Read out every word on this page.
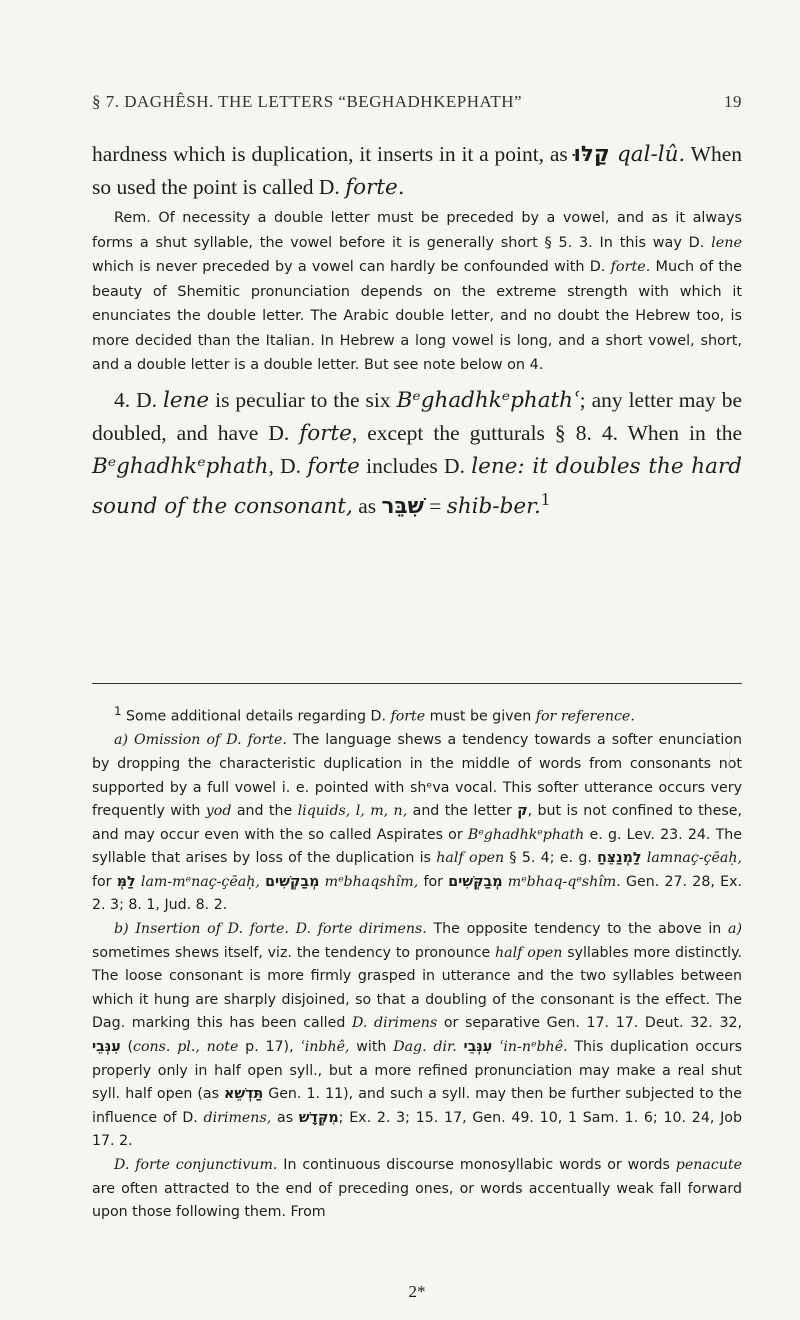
§ 7. DAGHÊSH. THE LETTERS “BEGHADHKEPHATH”	19

hardness which is duplication, it inserts in it a point, as קַלּוּ qal-lû. When so used the point is called D. forte.

Rem. Of necessity a double letter must be preceded by a vowel, and as it always forms a shut syllable, the vowel before it is generally short § 5. 3. In this way D. lene which is never preceded by a vowel can hardly be confounded with D. forte. Much of the beauty of Shemitic pronunciation depends on the extreme strength with which it enunciates the double letter. The Arabic double letter, and no doubt the Hebrew too, is more decided than the Italian. In Hebrew a long vowel is long, and a short vowel, short, and a double letter is a double letter. But see note below on 4.

4. D. lene is peculiar to the six Bᵉghadhkᵉphathՙ; any letter may be doubled, and have D. forte, except the gutturals § 8. 4. When in the Bᵉghadhkᵉphath, D. forte includes D. lene: it doubles the hard sound of the consonant, as שִׁבֵּר = shib-ber.$^1$

$^1$ Some additional details regarding D. forte must be given for reference.

a) Omission of D. forte. The language shews a tendency towards a softer enunciation by dropping the characteristic duplication in the middle of words from consonants not supported by a full vowel i. e. pointed with shᵉva vocal. This softer utterance occurs very frequently with yod and the liquids, l, m, n, and the letter ק, but is not confined to these, and may occur even with the so called Aspirates or Bᵉghadhkᵉphath e. g. Lev. 23. 24. The syllable that arises by loss of the duplication is half open § 5. 4; e. g. לַמְנַצֵּחַ lamnaç-çēaḥ, for לַמְּ lam-mᵉnaç-çēaḥ, מְבַקְשִׁים mᵉbhaqshîm, for מְבַקְּשִׁים mᵉbhaq-qᵉshîm. Gen. 27. 28, Ex. 2. 3; 8. 1, Jud. 8. 2.

b) Insertion of D. forte. D. forte dirimens. The opposite tendency to the above in a) sometimes shews itself, viz. the tendency to pronounce half open syllables more distinctly. The loose consonant is more firmly grasped in utterance and the two syllables between which it hung are sharply disjoined, so that a doubling of the consonant is the effect. The Dag. marking this has been called D. dirimens or separative Gen. 17. 17. Deut. 32. 32, עִנְּבֵי (cons. pl., note p. 17), ʿinbhê, with Dag. dir. עִנְּבֵי ʿin-nᵉbhê. This duplication occurs properly only in half open syll., but a more refined pronunciation may make a real shut syll. half open (as תַּדְשֵׁא Gen. 1. 11), and such a syll. may then be further subjected to the influence of D. dirimens, as מִקְּדָשׁ; Ex. 2. 3; 15. 17, Gen. 49. 10, 1 Sam. 1. 6; 10. 24, Job 17. 2.

D. forte conjunctivum. In continuous discourse monosyllabic words or words penacute are often attracted to the end of preceding ones, or words accentually weak fall forward upon those following them. From

2*
